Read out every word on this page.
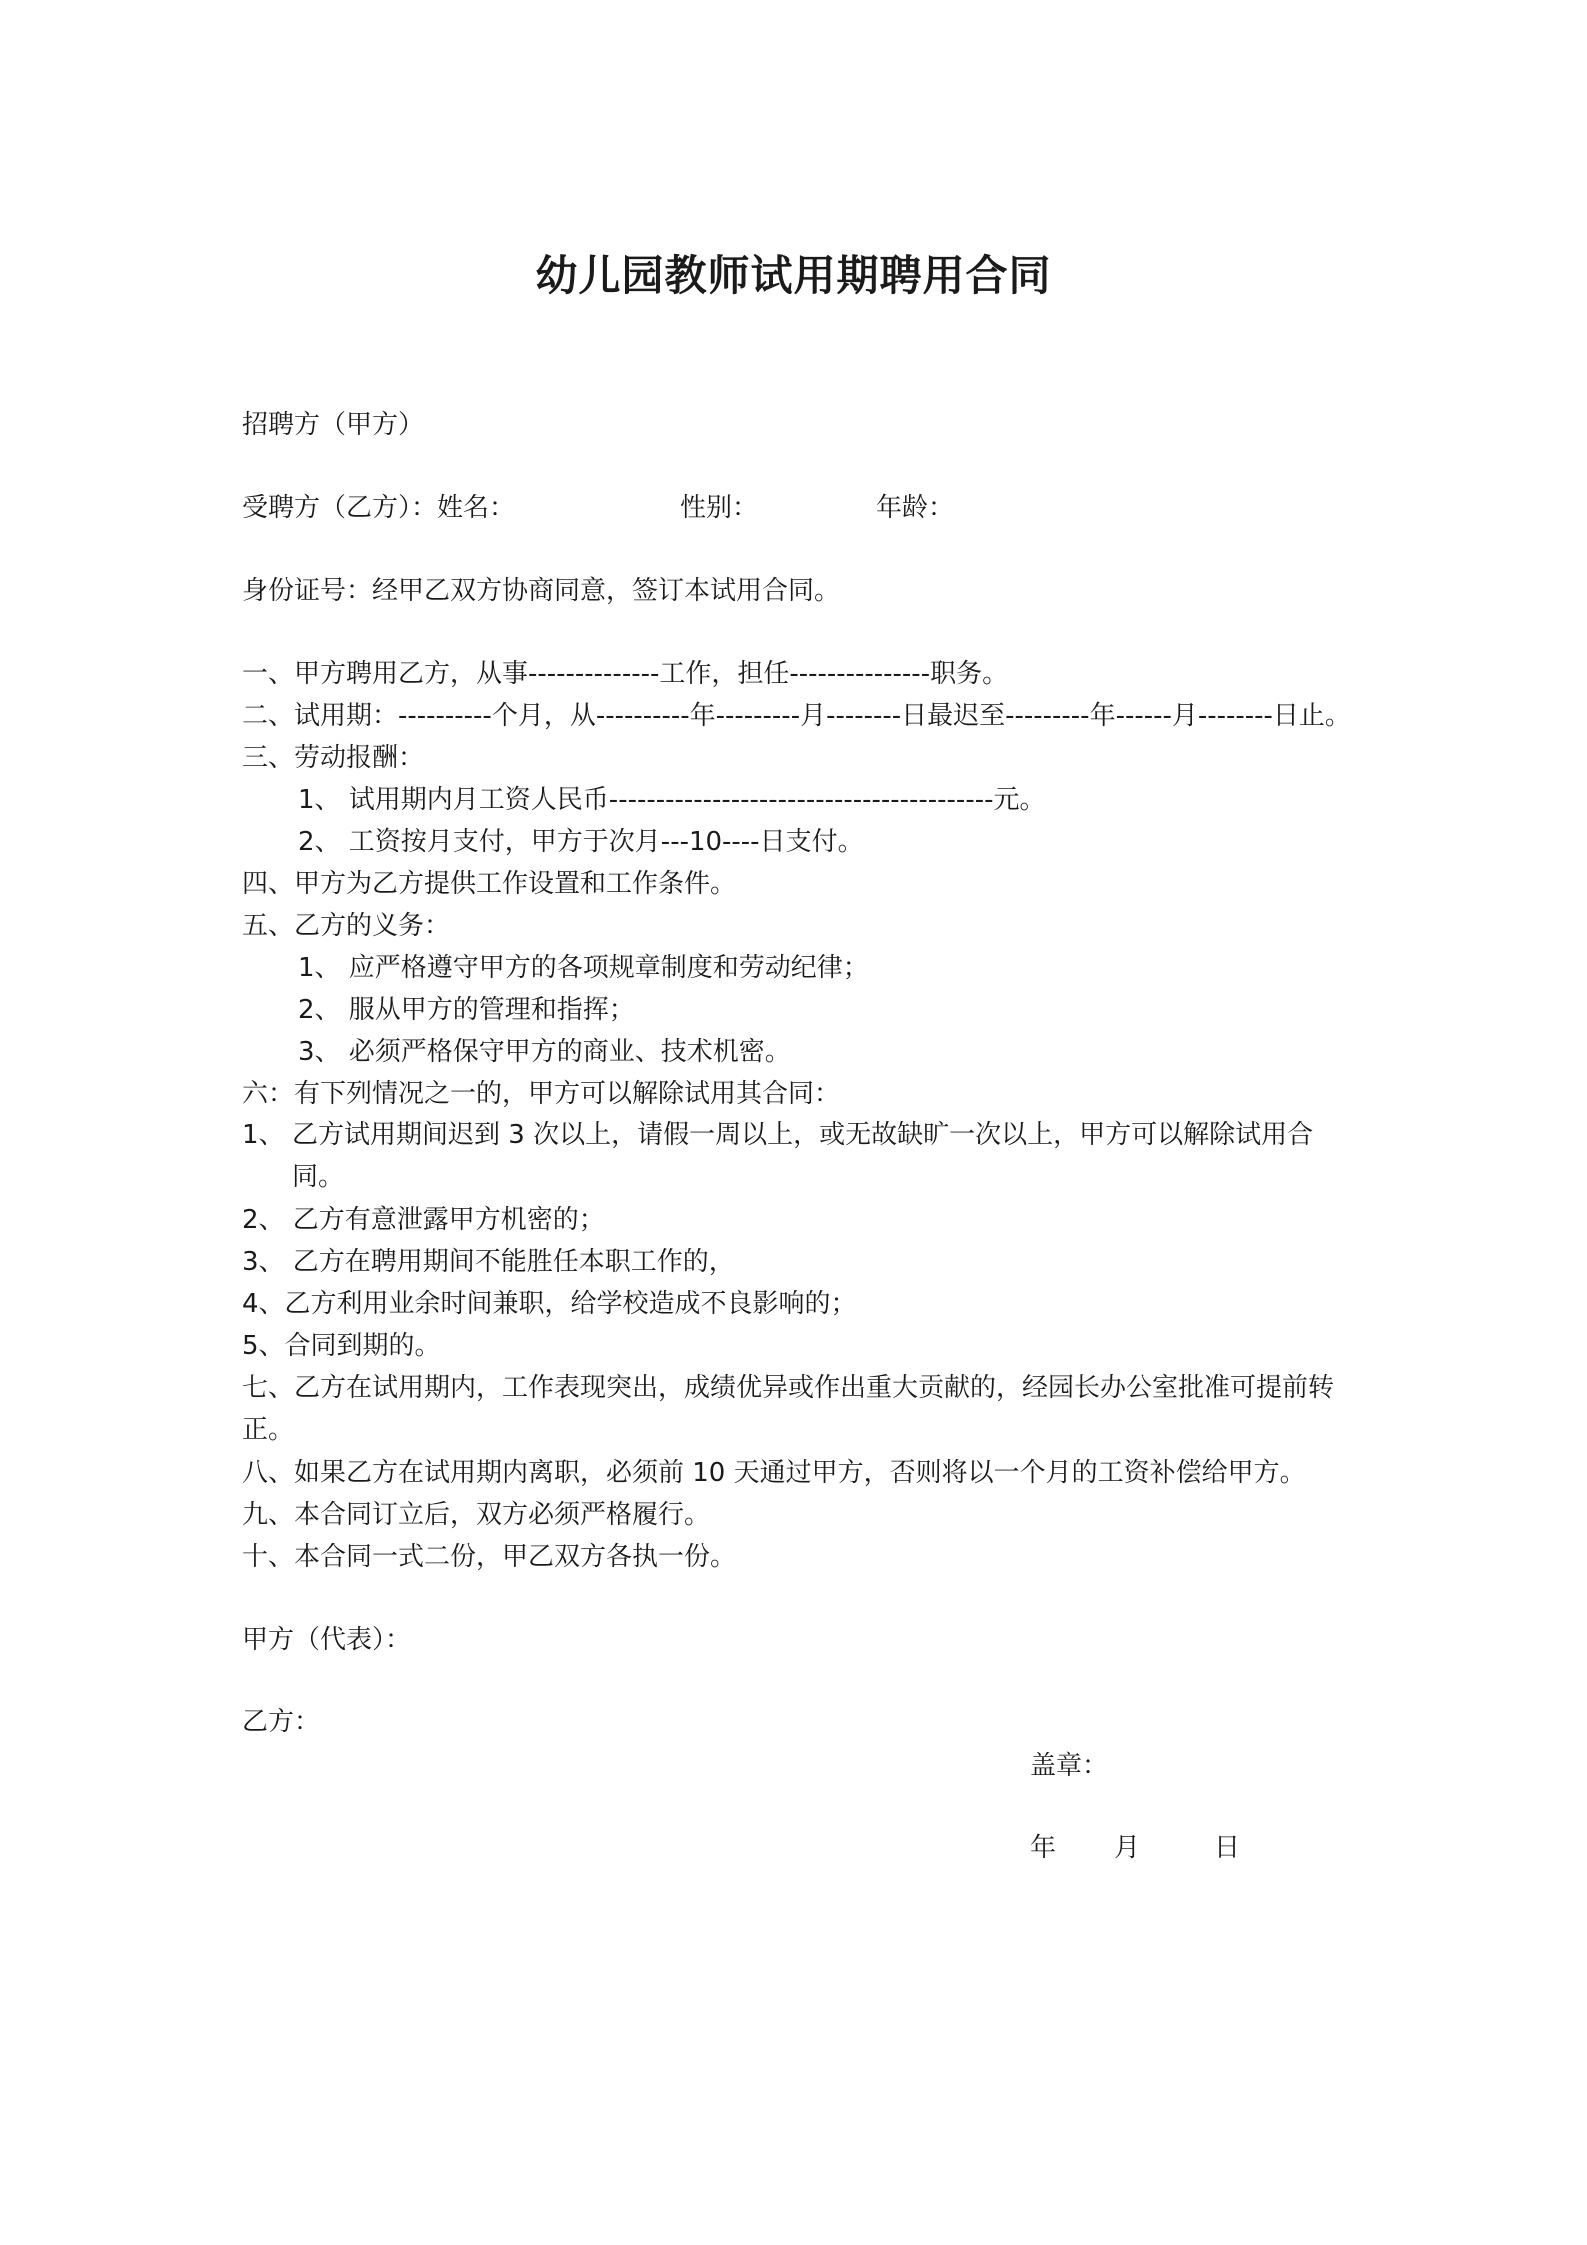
幼儿园教师试用期聘用合同
招聘方（甲方）
受聘方（乙方）：姓名：	性别：	年龄：
身份证号：经甲乙双方协商同意，签订本试用合同。
一、甲方聘用乙方，从事--------------工作，担任---------------职务。
二、试用期：----------个月，从----------年---------月--------日最迟至---------年------月--------日止。
三、劳动报酬：
1、 试用期内月工资人民币-----------------------------------------元。
2、 工资按月支付，甲方于次月---10----日支付。
四、甲方为乙方提供工作设置和工作条件。
五、乙方的义务：
1、 应严格遵守甲方的各项规章制度和劳动纪律；
2、 服从甲方的管理和指挥；
3、 必须严格保守甲方的商业、技术机密。
六：有下列情况之一的，甲方可以解除试用其合同：
1、 乙方试用期间迟到 3 次以上，请假一周以上，或无故缺旷一次以上，甲方可以解除试用合同。
2、 乙方有意泄露甲方机密的；
3、 乙方在聘用期间不能胜任本职工作的，
4、乙方利用业余时间兼职，给学校造成不良影响的；
5、合同到期的。
七、乙方在试用期内，工作表现突出，成绩优异或作出重大贡献的，经园长办公室批准可提前转正。
八、如果乙方在试用期内离职，必须前 10 天通过甲方，否则将以一个月的工资补偿给甲方。
九、本合同订立后，双方必须严格履行。
十、本合同一式二份，甲乙双方各执一份。
甲方（代表）：
乙方：
盖章：
年 月	日
